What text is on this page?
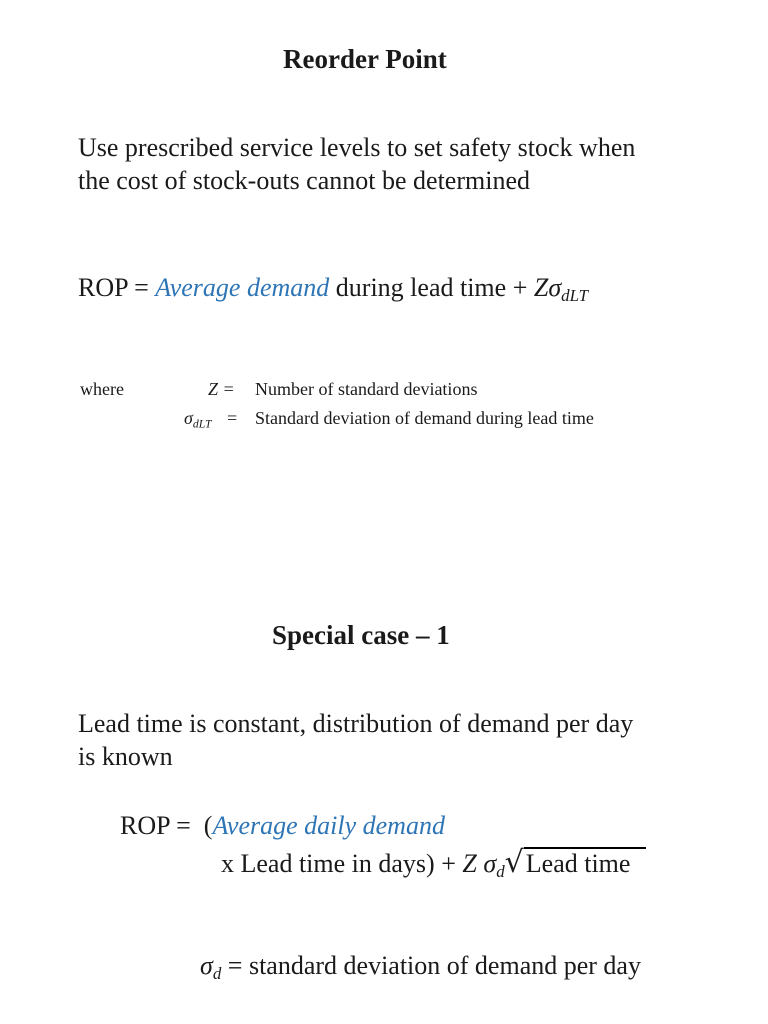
Reorder Point
Use prescribed service levels to set safety stock when
the cost of stock-outs cannot be determined
ROP = Average demand during lead time + $Z\sigma_{dLT}$
where	Z = Number of standard deviations
$\sigma_{dLT}$ = Standard deviation of demand during lead time
Special case – 1
Lead time is constant, distribution of demand per day
is known
ROP =  (Average daily demand
x Lead time in days) + Z $\sigma_d√Lead$ time
$\sigma_d$ = standard deviation of demand per day
